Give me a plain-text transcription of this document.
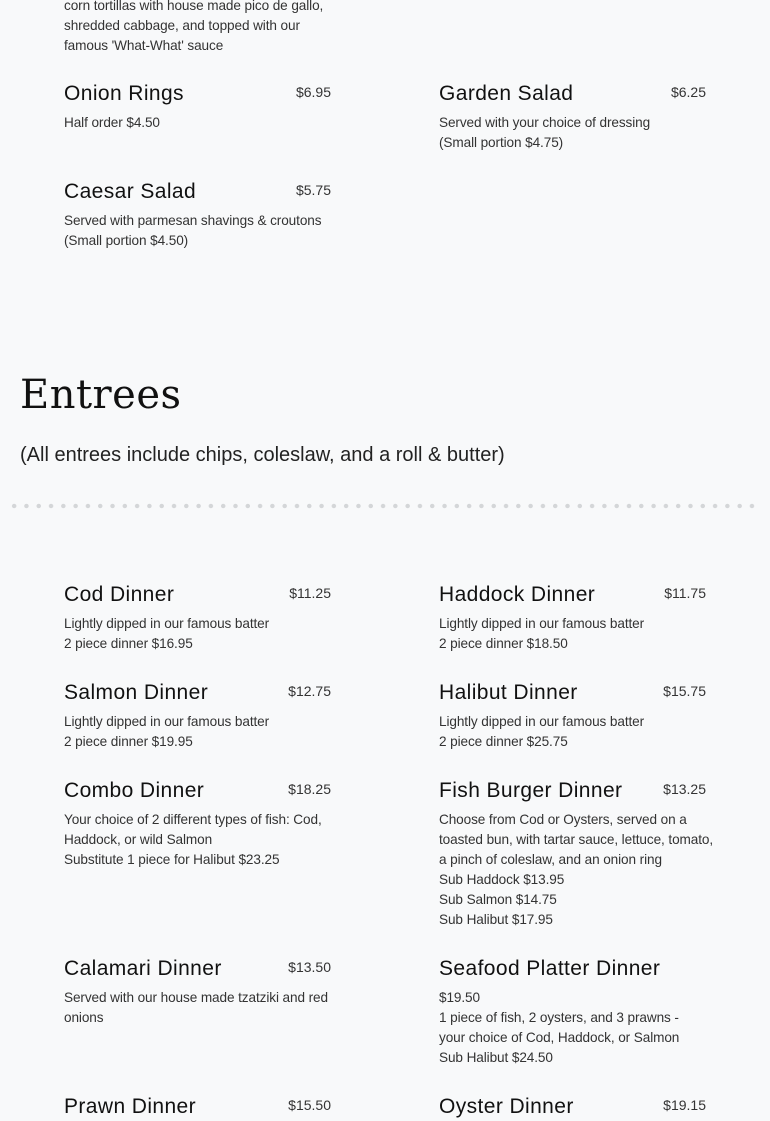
corn tortillas with house made pico de gallo,
shredded cabbage, and topped with our
famous 'What-What' sauce
Onion Rings	$6.95
Half order $4.50
Garden Salad	$6.25
Served with your choice of dressing
(Small portion $4.75)
Caesar Salad	$5.75
Served with parmesan shavings & croutons
(Small portion $4.50)
Entrees
(All entrees include chips, coleslaw, and a roll & butter)
Cod Dinner	$11.25
Lightly dipped in our famous batter
2 piece dinner $16.95
Haddock Dinner	$11.75
Lightly dipped in our famous batter
2 piece dinner $18.50
Salmon Dinner	$12.75
Lightly dipped in our famous batter
2 piece dinner $19.95
Halibut Dinner	$15.75
Lightly dipped in our famous batter
2 piece dinner $25.75
Combo Dinner	$18.25
Your choice of 2 different types of fish: Cod,
Haddock, or wild Salmon
Substitute 1 piece for Halibut $23.25
Fish Burger Dinner	$13.25
Choose from Cod or Oysters, served on a
toasted bun, with tartar sauce, lettuce, tomato,
a pinch of coleslaw, and an onion ring
Sub Haddock $13.95
Sub Salmon $14.75
Sub Halibut $17.95
Calamari Dinner	$13.50
Served with our house made tzatziki and red
onions
Seafood Platter Dinner
$19.50
1 piece of fish, 2 oysters, and 3 prawns -
your choice of Cod, Haddock, or Salmon
Sub Halibut $24.50
Prawn Dinner	$15.50	Oyster Dinner	$19.15
